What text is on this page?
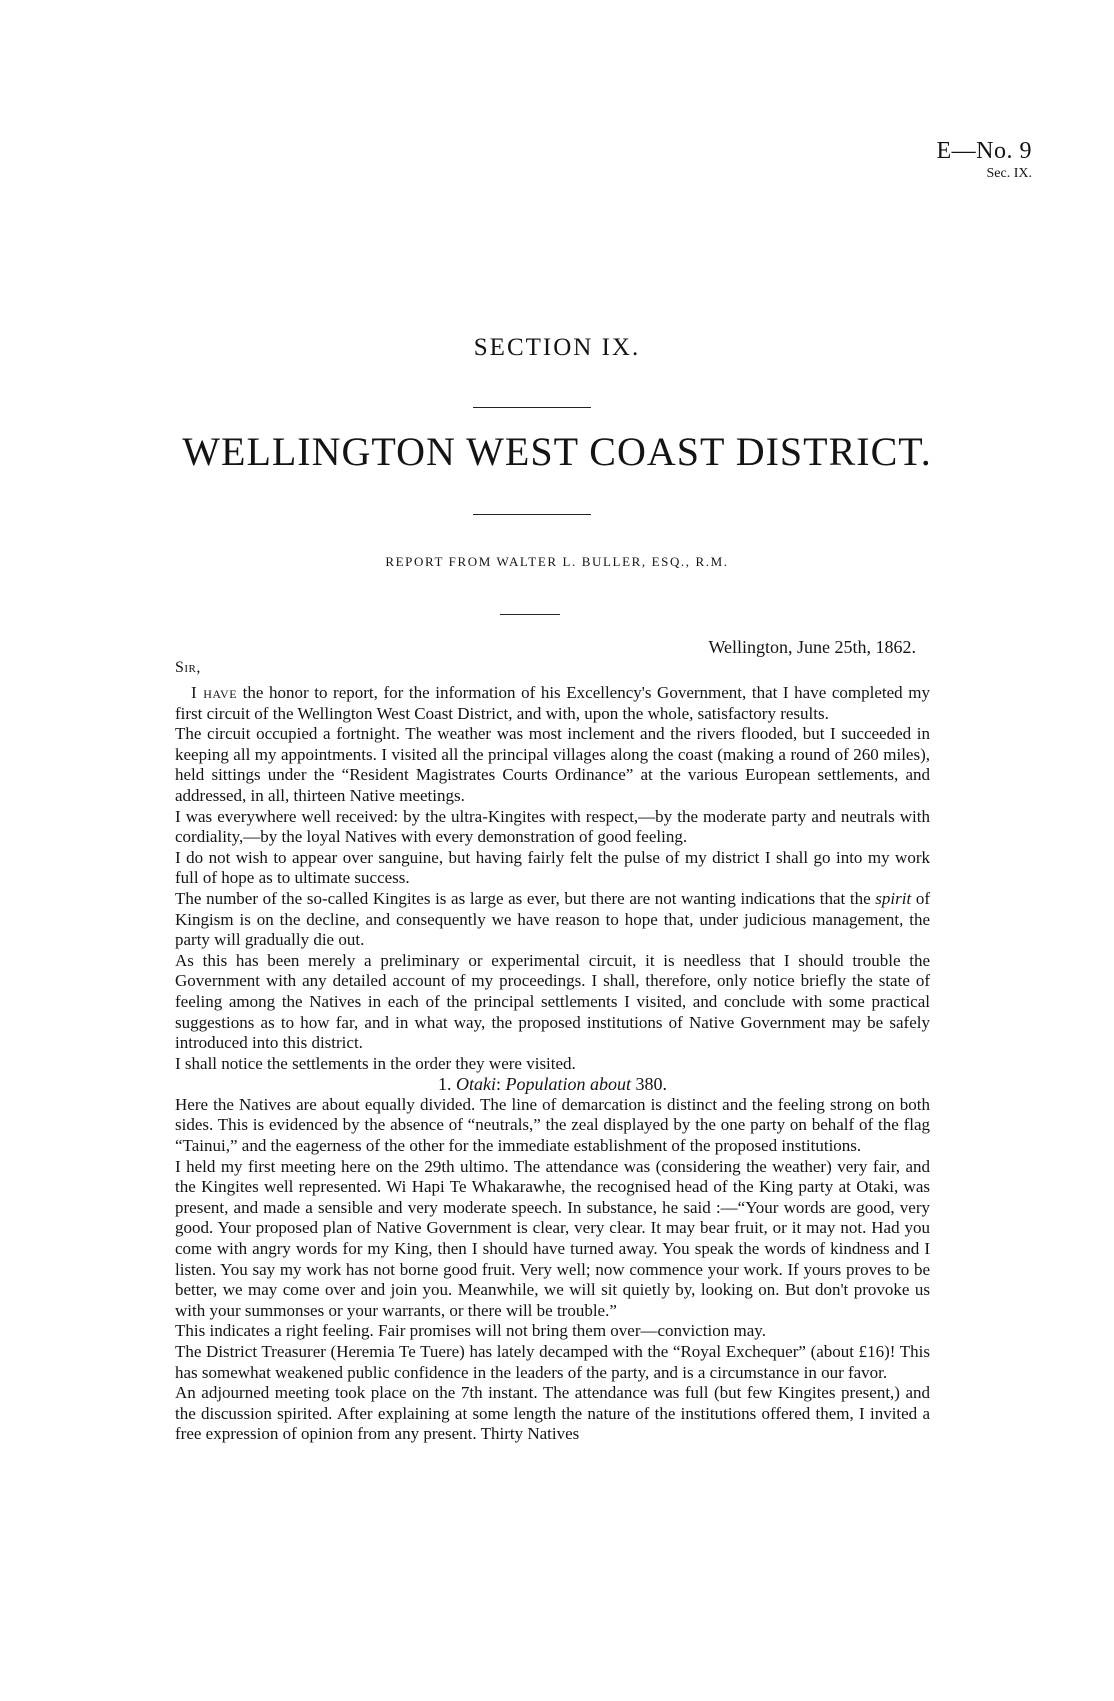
E—No. 9
Sec. IX.
SECTION IX.
WELLINGTON WEST COAST DISTRICT.
REPORT FROM WALTER L. BULLER, ESQ., R.M.
Wellington, June 25th, 1862.
Sir,

I have the honor to report, for the information of his Excellency's Government, that I have completed my first circuit of the Wellington West Coast District, and with, upon the whole, satisfactory results.

The circuit occupied a fortnight. The weather was most inclement and the rivers flooded, but I succeeded in keeping all my appointments. I visited all the principal villages along the coast (making a round of 260 miles), held sittings under the “Resident Magistrates Courts Ordinance” at the various European settlements, and addressed, in all, thirteen Native meetings.

I was everywhere well received: by the ultra-Kingites with respect,—by the moderate party and neutrals with cordiality,—by the loyal Natives with every demonstration of good feeling.

I do not wish to appear over sanguine, but having fairly felt the pulse of my district I shall go into my work full of hope as to ultimate success.

The number of the so-called Kingites is as large as ever, but there are not wanting indications that the spirit of Kingism is on the decline, and consequently we have reason to hope that, under judicious management, the party will gradually die out.

As this has been merely a preliminary or experimental circuit, it is needless that I should trouble the Government with any detailed account of my proceedings. I shall, therefore, only notice briefly the state of feeling among the Natives in each of the principal settlements I visited, and conclude with some practical suggestions as to how far, and in what way, the proposed institutions of Native Government may be safely introduced into this district.

I shall notice the settlements in the order they were visited.

1. Otaki: Population about 380.

Here the Natives are about equally divided. The line of demarcation is distinct and the feeling strong on both sides. This is evidenced by the absence of “neutrals,” the zeal displayed by the one party on behalf of the flag “Tainui,” and the eagerness of the other for the immediate establishment of the proposed institutions.

I held my first meeting here on the 29th ultimo. The attendance was (considering the weather) very fair, and the Kingites well represented. Wi Hapi Te Whakarawhe, the recognised head of the King party at Otaki, was present, and made a sensible and very moderate speech. In substance, he said :—“Your words are good, very good. Your proposed plan of Native Government is clear, very clear. It may bear fruit, or it may not. Had you come with angry words for my King, then I should have turned away. You speak the words of kindness and I listen. You say my work has not borne good fruit. Very well; now commence your work. If yours proves to be better, we may come over and join you. Meanwhile, we will sit quietly by, looking on. But don't provoke us with your summonses or your warrants, or there will be trouble.”

This indicates a right feeling. Fair promises will not bring them over—conviction may.

The District Treasurer (Heremia Te Tuere) has lately decamped with the “Royal Exchequer” (about £16)! This has somewhat weakened public confidence in the leaders of the party, and is a circumstance in our favor.

An adjourned meeting took place on the 7th instant. The attendance was full (but few Kingites present,) and the discussion spirited. After explaining at some length the nature of the institutions offered them, I invited a free expression of opinion from any present. Thirty Natives
